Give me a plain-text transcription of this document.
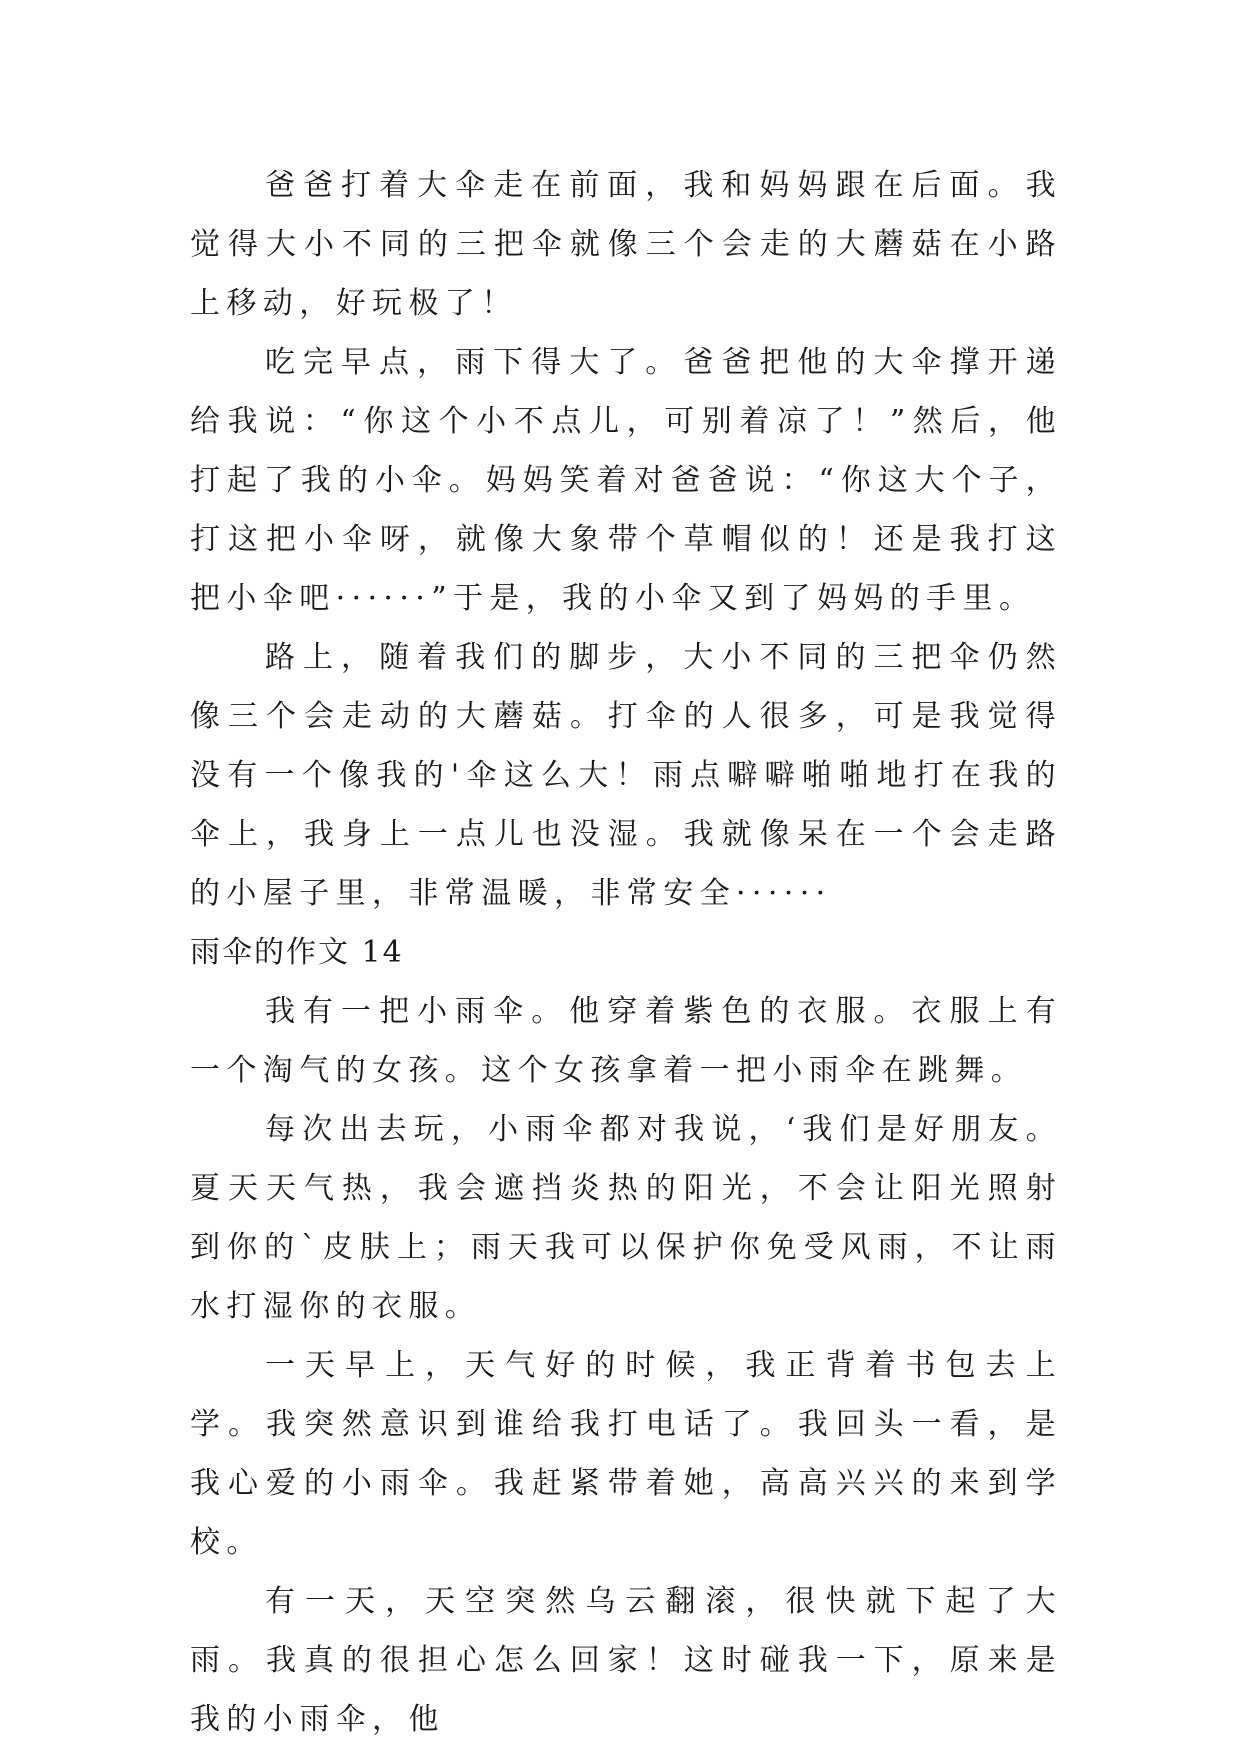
爸爸打着大伞走在前面，我和妈妈跟在后面。我觉得大小不同的三把伞就像三个会走的大蘑菇在小路上移动，好玩极了！

吃完早点，雨下得大了。爸爸把他的大伞撑开递给我说：“你这个小不点儿，可别着凉了！”然后，他打起了我的小伞。妈妈笑着对爸爸说：“你这大个子，打这把小伞呀，就像大象带个草帽似的！还是我打这把小伞吧······”于是，我的小伞又到了妈妈的手里。

路上，随着我们的脚步，大小不同的三把伞仍然像三个会走动的大蘑菇。打伞的人很多，可是我觉得没有一个像我的'伞这么大！雨点噼噼啪啪地打在我的伞上，我身上一点儿也没湿。我就像呆在一个会走路的小屋子里，非常温暖，非常安全······

雨伞的作文 14

我有一把小雨伞。他穿着紫色的衣服。衣服上有一个淘气的女孩。这个女孩拿着一把小雨伞在跳舞。

每次出去玩，小雨伞都对我说，‘我们是好朋友。夏天天气热，我会遮挡炎热的阳光，不会让阳光照射到你的`皮肤上；雨天我可以保护你免受风雨，不让雨水打湿你的衣服。

一天早上，天气好的时候，我正背着书包去上学。我突然意识到谁给我打电话了。我回头一看，是我心爱的小雨伞。我赶紧带着她，高高兴兴的来到学校。

有一天，天空突然乌云翻滚，很快就下起了大雨。我真的很担心怎么回家！这时碰我一下，原来是我的小雨伞，他
